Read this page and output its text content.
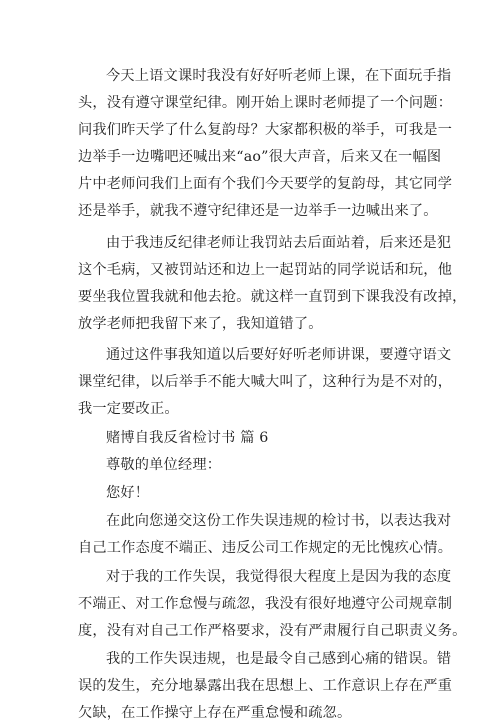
今天上语文课时我没有好好听老师上课，在下面玩手指
头，没有遵守课堂纪律。刚开始上课时老师提了一个问题：
问我们昨天学了什么复韵母？大家都积极的举手，可我是一
边举手一边嘴吧还喊出来“ao”很大声音，后来又在一幅图
片中老师问我们上面有个我们今天要学的复韵母，其它同学
还是举手，就我不遵守纪律还是一边举手一边喊出来了。
由于我违反纪律老师让我罚站去后面站着，后来还是犯
这个毛病，又被罚站还和边上一起罚站的同学说话和玩，他
要坐我位置我就和他去抢。就这样一直罚到下课我没有改掉，
放学老师把我留下来了，我知道错了。
通过这件事我知道以后要好好听老师讲课，要遵守语文
课堂纪律，以后举手不能大喊大叫了，这种行为是不对的，
我一定要改正。
赌博自我反省检讨书 篇 6
尊敬的单位经理：
您好！
在此向您递交这份工作失误违规的检讨书，以表达我对
自己工作态度不端正、违反公司工作规定的无比愧疚心情。
对于我的工作失误，我觉得很大程度上是因为我的态度
不端正、对工作怠慢与疏忽，我没有很好地遵守公司规章制
度，没有对自己工作严格要求，没有严肃履行自己职责义务。
我的工作失误违规，也是最令自己感到心痛的错误。错
误的发生，充分地暴露出我在思想上、工作意识上存在严重
欠缺，在工作操守上存在严重怠慢和疏忽。
